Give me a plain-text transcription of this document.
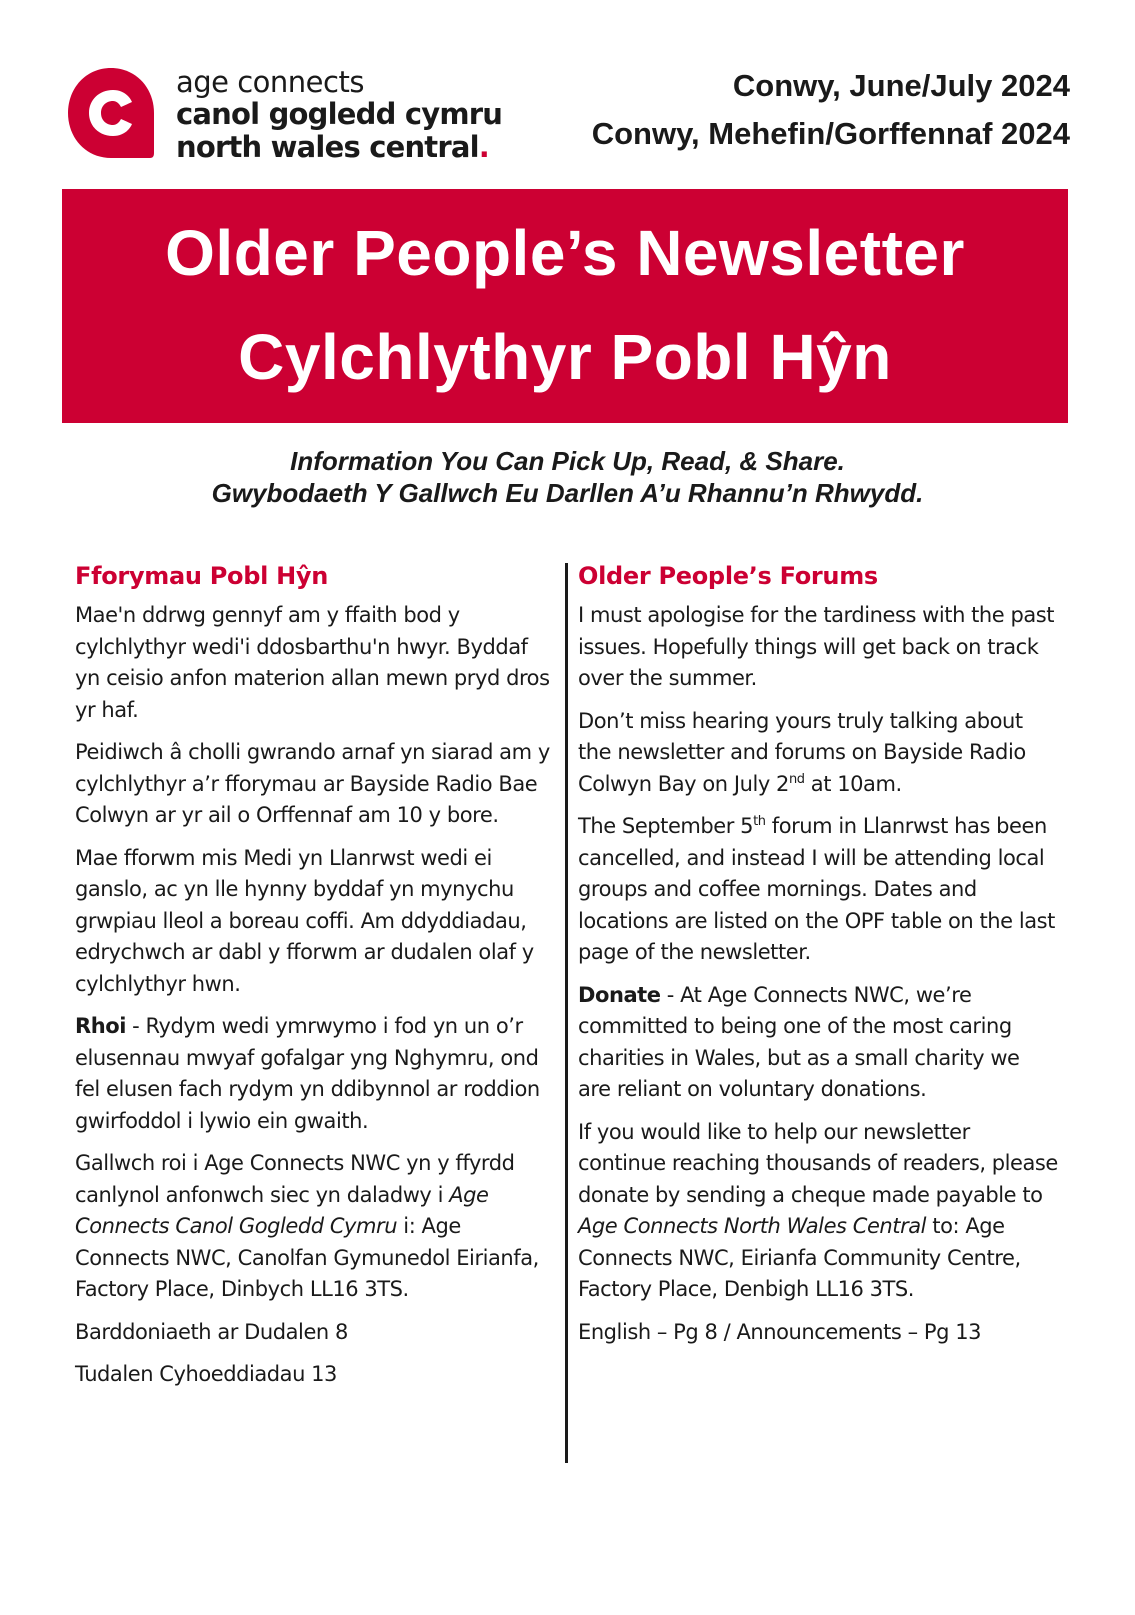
age connects
canol gogledd cymru
north wales central.
Conwy, June/July 2024
Conwy, Mehefin/Gorffennaf 2024
Older People’s Newsletter
Cylchlythyr Pobl Hŷn
Information You Can Pick Up, Read, & Share.
Gwybodaeth Y Gallwch Eu Darllen A’u Rhannu’n Rhwydd.
Fforymau Pobl Hŷn

Mae'n ddrwg gennyf am y ffaith bod y cylchlythyr wedi'i ddosbarthu'n hwyr. Byddaf yn ceisio anfon materion allan mewn pryd dros yr haf.

Peidiwch â cholli gwrando arnaf yn siarad am y cylchlythyr a’r fforymau ar Bayside Radio Bae Colwyn ar yr ail o Orffennaf am 10 y bore.

Mae fforwm mis Medi yn Llanrwst wedi ei ganslo, ac yn lle hynny byddaf yn mynychu grwpiau lleol a boreau coffi. Am ddyddiadau, edrychwch ar dabl y fforwm ar dudalen olaf y cylchlythyr hwn.

Rhoi - Rydym wedi ymrwymo i fod yn un o’r elusennau mwyaf gofalgar yng Nghymru, ond fel elusen fach rydym yn ddibynnol ar roddion gwirfoddol i lywio ein gwaith.

Gallwch roi i Age Connects NWC yn y ffyrdd canlynol anfonwch siec yn daladwy i Age Connects Canol Gogledd Cymru i: Age Connects NWC, Canolfan Gymunedol Eirianfa, Factory Place, Dinbych LL16 3TS.

Barddoniaeth ar Dudalen 8

Tudalen Cyhoeddiadau 13

Older People’s Forums

I must apologise for the tardiness with the past issues. Hopefully things will get back on track over the summer.

Don’t miss hearing yours truly talking about the newsletter and forums on Bayside Radio Colwyn Bay on July 2nd at 10am.

The September 5th forum in Llanrwst has been cancelled, and instead I will be attending local groups and coffee mornings. Dates and locations are listed on the OPF table on the last page of the newsletter.

Donate - At Age Connects NWC, we’re committed to being one of the most caring charities in Wales, but as a small charity we are reliant on voluntary donations.

If you would like to help our newsletter continue reaching thousands of readers, please donate by sending a cheque made payable to Age Connects North Wales Central to: Age Connects NWC, Eirianfa Community Centre, Factory Place, Denbigh LL16 3TS.

English – Pg 8 / Announcements – Pg 13
